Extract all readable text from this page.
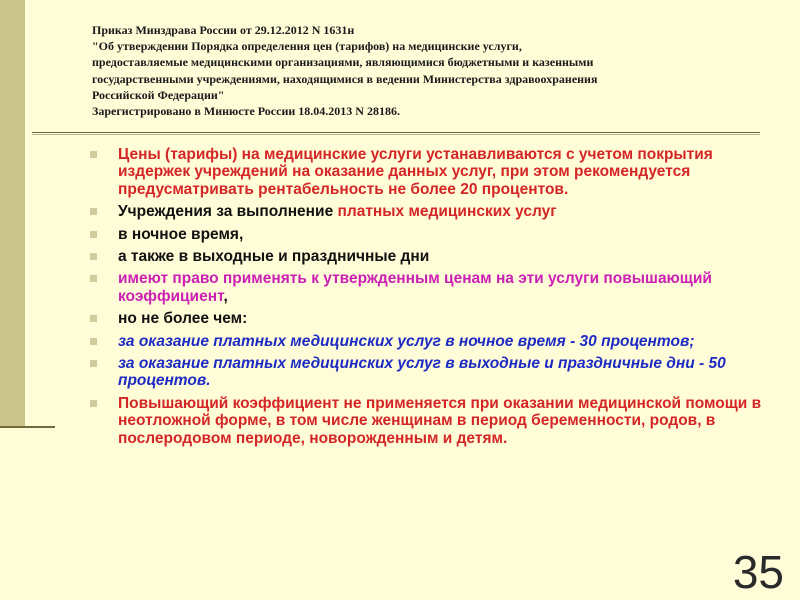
Приказ Минздрава России от 29.12.2012 N 1631н
"Об утверждении Порядка определения цен (тарифов) на медицинские услуги,
предоставляемые медицинскими организациями, являющимися бюджетными и казенными
государственными учреждениями, находящимися в ведении Министерства здравоохранения
Российской Федерации"
Зарегистрировано в Минюсте России 18.04.2013 N 28186.
Цены (тарифы) на медицинские услуги устанавливаются с учетом покрытия издержек учреждений на оказание данных услуг, при этом рекомендуется предусматривать рентабельность не более 20 процентов.
Учреждения за выполнение платных медицинских услуг
в ночное время,
а также в выходные и праздничные дни
имеют право применять к утвержденным ценам на эти услуги повышающий коэффициент,
но не более чем:
за оказание платных медицинских услуг в ночное время - 30 процентов;
за оказание платных медицинских услуг в выходные и праздничные дни - 50 процентов.
Повышающий коэффициент не применяется при оказании медицинской помощи в неотложной форме, в том числе женщинам в период беременности, родов, в послеродовом периоде, новорожденным и детям.
35
